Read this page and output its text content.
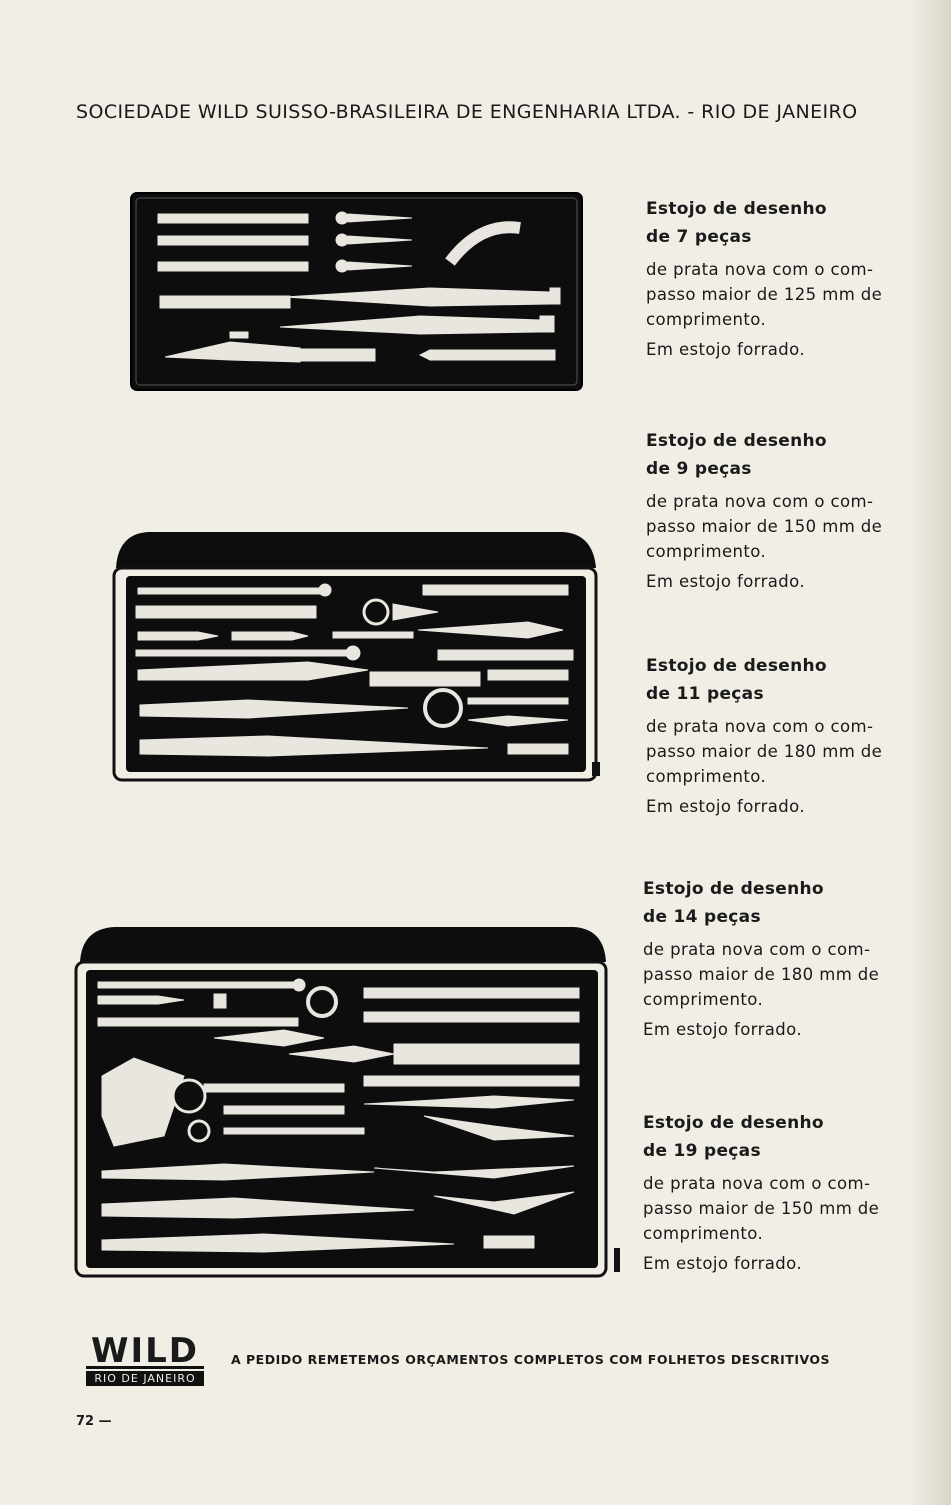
SOCIEDADE WILD SUISSO-BRASILEIRA DE ENGENHARIA LTDA. - RIO DE JANEIRO
Estojo de desenho
de 7 peças
de prata nova com o com- passo maior de 125 mm de comprimento.
Em estojo forrado.
Estojo de desenho
de 9 peças
de prata nova com o com- passo maior de 150 mm de comprimento.
Em estojo forrado.
Estojo de desenho
de 11 peças
de prata nova com o com- passo maior de 180 mm de comprimento.
Em estojo forrado.
Estojo de desenho
de 14 peças
de prata nova com o com- passo maior de 180 mm de comprimento.
Em estojo forrado.
Estojo de desenho
de 19 peças
de prata nova com o com- passo maior de 150 mm de comprimento.
Em estojo forrado.
WILD
RIO DE JANEIRO
A PEDIDO REMETEMOS ORÇAMENTOS COMPLETOS COM FOLHETOS DESCRITIVOS
72 —
